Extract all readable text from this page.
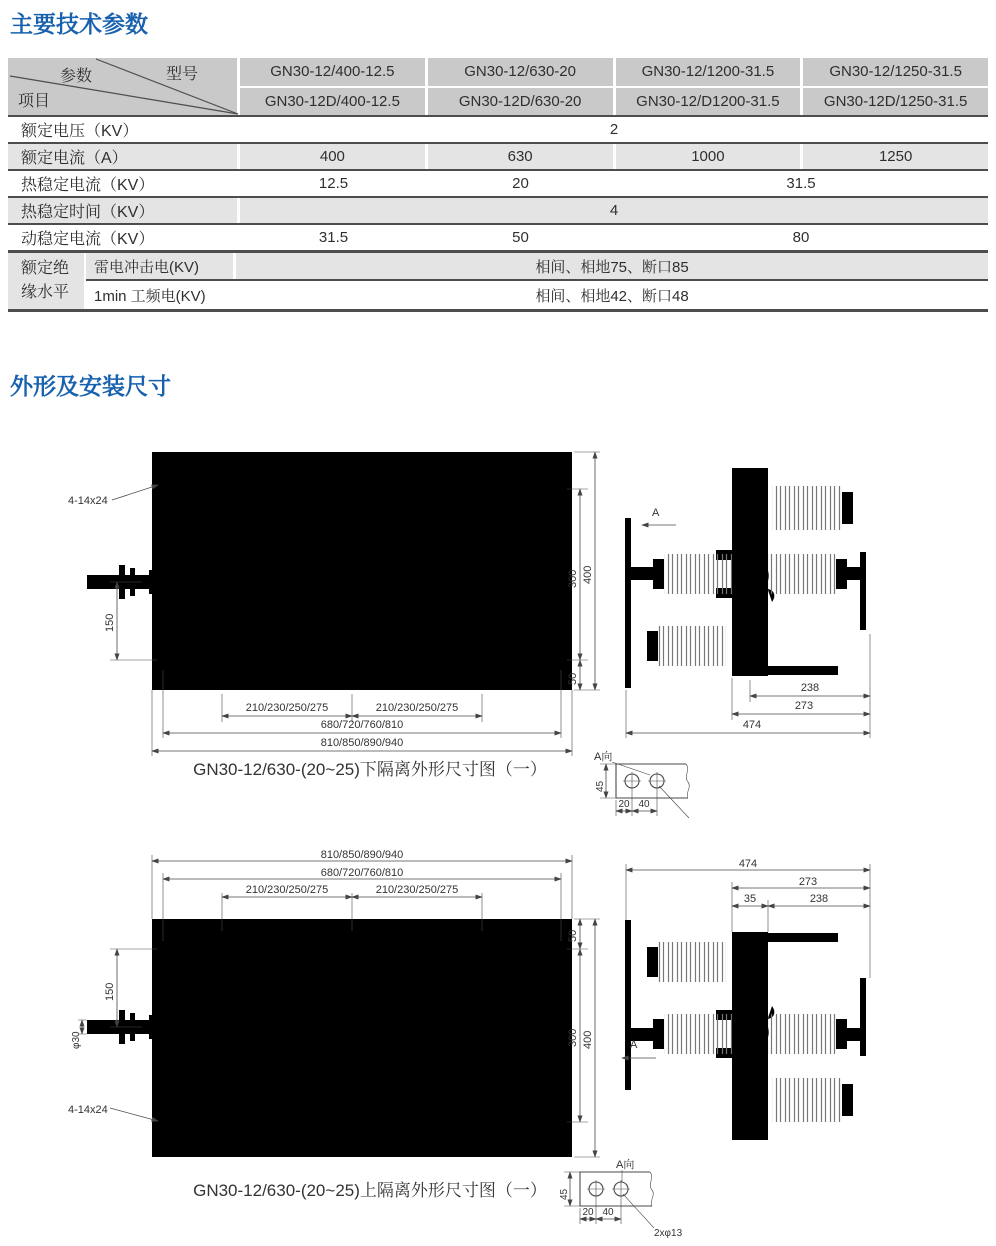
主要技术参数
参数	型号
项目
GN30-12/400-12.5	GN30-12/630-20	GN30-12/1200-31.5	GN30-12/1250-31.5
GN30-12D/400-12.5	GN30-12D/630-20	GN30-12/D1200-31.5	GN30-12D/1250-31.5
额定电压（KV）	2
额定电流（A）	400	630	1000	1250
热稳定电流（KV）	12.5	20	31.5
热稳定时间（KV）	4
动稳定电流（KV）	31.5	50	80
额定绝缘水平
雷电冲击电(KV)	相间、相地75、断口85
1min 工频电(KV)	相间、相地42、断口48
外形及安装尺寸
4-14x24
150
300
50
400
210/230/250/275	210/230/250/275
680/720/760/810
810/850/890/940
A
238
273
474
GN30-12/630-(20~25)下隔离外形尺寸图（一）
A向
45
20 40
810/850/890/940
680/720/760/810
210/230/250/275	210/230/250/275
150
φ30
50
300 400
4-14x24
474
273
35	238
A
GN30-12/630-(20~25)上隔离外形尺寸图（一）
A向
45
20 40
2xφ13
